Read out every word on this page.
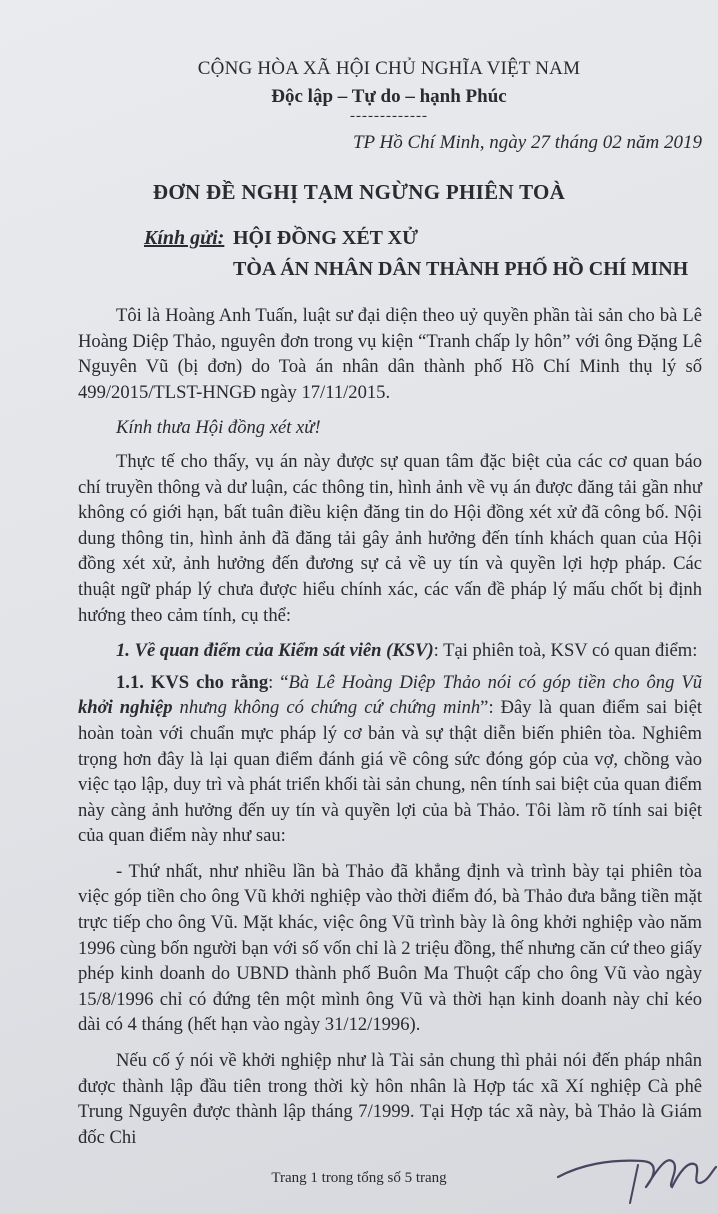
CỘNG HÒA XÃ HỘI CHỦ NGHĨA VIỆT NAM
Độc lập – Tự do – hạnh Phúc
-------------
TP Hồ Chí Minh, ngày 27 tháng 02 năm 2019
ĐƠN ĐỀ NGHỊ TẠM NGỪNG PHIÊN TOÀ
Kính gửi: HỘI ĐỒNG XÉT XỬ
TÒA ÁN NHÂN DÂN THÀNH PHỐ HỒ CHÍ MINH

Tôi là Hoàng Anh Tuấn, luật sư đại diện theo uỷ quyền phần tài sản cho bà Lê Hoàng Diệp Thảo, nguyên đơn trong vụ kiện “Tranh chấp ly hôn” với ông Đặng Lê Nguyên Vũ (bị đơn) do Toà án nhân dân thành phố Hồ Chí Minh thụ lý số 499/2015/TLST-HNGĐ ngày 17/11/2015.

Kính thưa Hội đồng xét xử!

Thực tế cho thấy, vụ án này được sự quan tâm đặc biệt của các cơ quan báo chí truyền thông và dư luận, các thông tin, hình ảnh về vụ án được đăng tải gần như không có giới hạn, bất tuân điều kiện đăng tin do Hội đồng xét xử đã công bố. Nội dung thông tin, hình ảnh đã đăng tải gây ảnh hưởng đến tính khách quan của Hội đồng xét xử, ảnh hưởng đến đương sự cả về uy tín và quyền lợi hợp pháp. Các thuật ngữ pháp lý chưa được hiểu chính xác, các vấn đề pháp lý mấu chốt bị định hướng theo cảm tính, cụ thể:

1. Về quan điểm của Kiểm sát viên (KSV): Tại phiên toà, KSV có quan điểm:

1.1. KVS cho rằng: “Bà Lê Hoàng Diệp Thảo nói có góp tiền cho ông Vũ khởi nghiệp nhưng không có chứng cứ chứng minh”: Đây là quan điểm sai biệt hoàn toàn với chuẩn mực pháp lý cơ bản và sự thật diễn biến phiên tòa. Nghiêm trọng hơn đây là lại quan điểm đánh giá về công sức đóng góp của vợ, chồng vào việc tạo lập, duy trì và phát triển khối tài sản chung, nên tính sai biệt của quan điểm này càng ảnh hưởng đến uy tín và quyền lợi của bà Thảo. Tôi làm rõ tính sai biệt của quan điểm này như sau:

- Thứ nhất, như nhiều lần bà Thảo đã khẳng định và trình bày tại phiên tòa việc góp tiền cho ông Vũ khởi nghiệp vào thời điểm đó, bà Thảo đưa bằng tiền mặt trực tiếp cho ông Vũ. Mặt khác, việc ông Vũ trình bày là ông khởi nghiệp vào năm 1996 cùng bốn người bạn với số vốn chỉ là 2 triệu đồng, thế nhưng căn cứ theo giấy phép kinh doanh do UBND thành phố Buôn Ma Thuột cấp cho ông Vũ vào ngày 15/8/1996 chỉ có đứng tên một mình ông Vũ và thời hạn kinh doanh này chỉ kéo dài có 4 tháng (hết hạn vào ngày 31/12/1996).

Nếu cố ý nói về khởi nghiệp như là Tài sản chung thì phải nói đến pháp nhân được thành lập đầu tiên trong thời kỳ hôn nhân là Hợp tác xã Xí nghiệp Cà phê Trung Nguyên được thành lập tháng 7/1999. Tại Hợp tác xã này, bà Thảo là Giám đốc Chi

Trang 1 trong tổng số 5 trang
